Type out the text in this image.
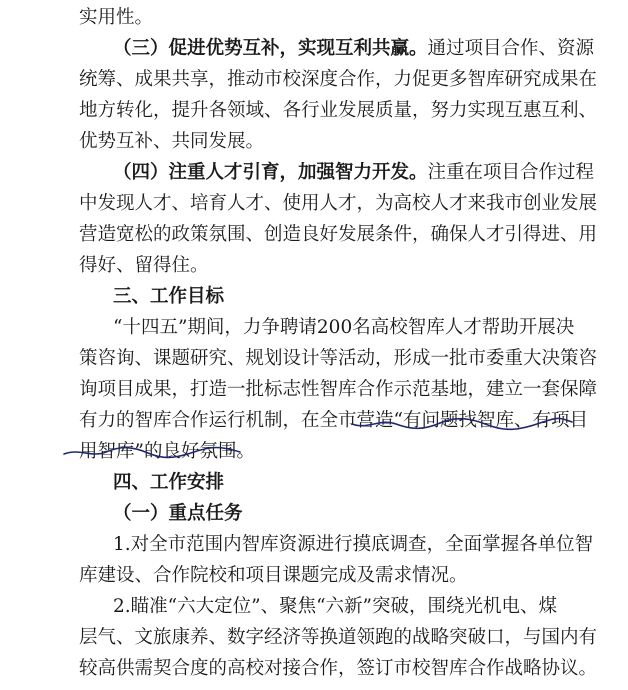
实用性。
（三）促进优势互补，实现互利共赢。通过项目合作、资源
统筹、成果共享，推动市校深度合作，力促更多智库研究成果在
地方转化，提升各领域、各行业发展质量，努力实现互惠互利、
优势互补、共同发展。
（四）注重人才引育，加强智力开发。注重在项目合作过程
中发现人才、培育人才、使用人才，为高校人才来我市创业发展
营造宽松的政策氛围、创造良好发展条件，确保人才引得进、用
得好、留得住。
三、工作目标
“十四五”期间，力争聘请200名高校智库人才帮助开展决
策咨询、课题研究、规划设计等活动，形成一批市委重大决策咨
询项目成果，打造一批标志性智库合作示范基地，建立一套保障
有力的智库合作运行机制，在全市营造“有问题找智库、有项目
用智库”的良好氛围。
四、工作安排
（一）重点任务
1.对全市范围内智库资源进行摸底调查，全面掌握各单位智
库建设、合作院校和项目课题完成及需求情况。
2.瞄准“六大定位”、聚焦“六新”突破，围绕光机电、煤
层气、文旅康养、数字经济等换道领跑的战略突破口，与国内有
较高供需契合度的高校对接合作，签订市校智库合作战略协议。
